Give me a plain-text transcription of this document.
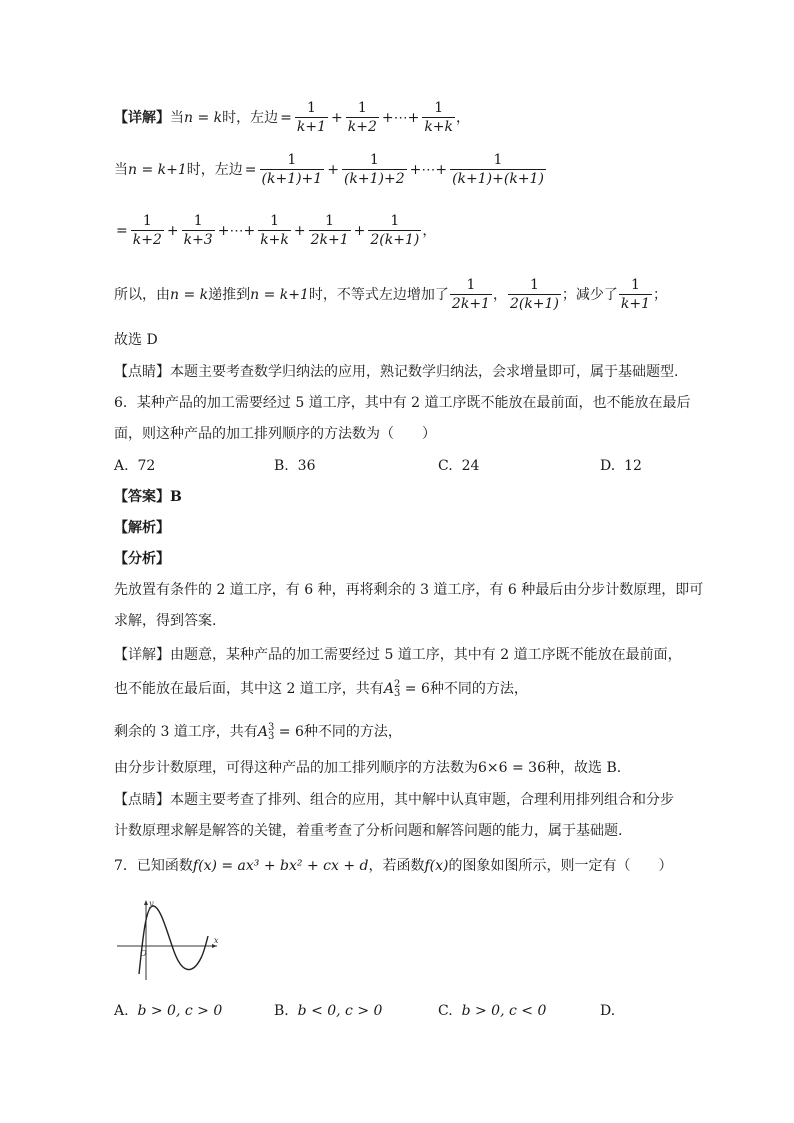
【详解】当n = k时，左边 = $\frac{1}{k+1} + \frac{1}{k+2}$ +⋯+ $\frac{1}{k+k}$ ，
当n = k+1时，左边 = $\frac{1}{(k+1)+1} + \frac{1}{(k+1)+2}$ +⋯+ $\frac{1}{(k+1)+(k+1)}$
= $\frac{1}{k+2} + \frac{1}{k+3}$ +⋯+ $\frac{1}{k+k} + \frac{1}{2k+1} + \frac{1}{2(k+1)}$ ，
所以，由n = k递推到n = k+1时，不等式左边增加了 $\frac{1}{2k+1}$ ， $\frac{1}{2(k+1)}$ ；减少了 $\frac{1}{k+1}$ ；
故选 D
【点睛】本题主要考查数学归纳法的应用，熟记数学归纳法，会求增量即可，属于基础题型.
6．某种产品的加工需要经过 5 道工序，其中有 2 道工序既不能放在最前面，也不能放在最后
面，则这种产品的加工排列顺序的方法数为（　　）
A. 72	B. 36	C. 24	D. 12
【答案】B
【解析】
【分析】
先放置有条件的 2 道工序，有 6 种，再将剩余的 3 道工序，有 6 种最后由分步计数原理，即可
求解，得到答案.
【详解】由题意，某种产品的加工需要经过 5 道工序，其中有 2 道工序既不能放在最前面，
也不能放在最后面，其中这 2 道工序，共有A 2
3 = 6种不同的方法，
剩余的 3 道工序，共有A 3
3 = 6种不同的方法，
由分步计数原理，可得这种产品的加工排列顺序的方法数为6×6 = 36种，故选 B.
【点睛】本题主要考查了排列、组合的应用，其中解中认真审题，合理利用排列组合和分步
计数原理求解是解答的关键，着重考查了分析问题和解答问题的能力，属于基础题.
7．已知函数f(x) = ax³ + bx² + cx + d，若函数f(x)的图象如图所示，则一定有（　　）
y
x
O
A. b > 0, c > 0	B. b < 0, c > 0	C. b > 0, c < 0	D.
